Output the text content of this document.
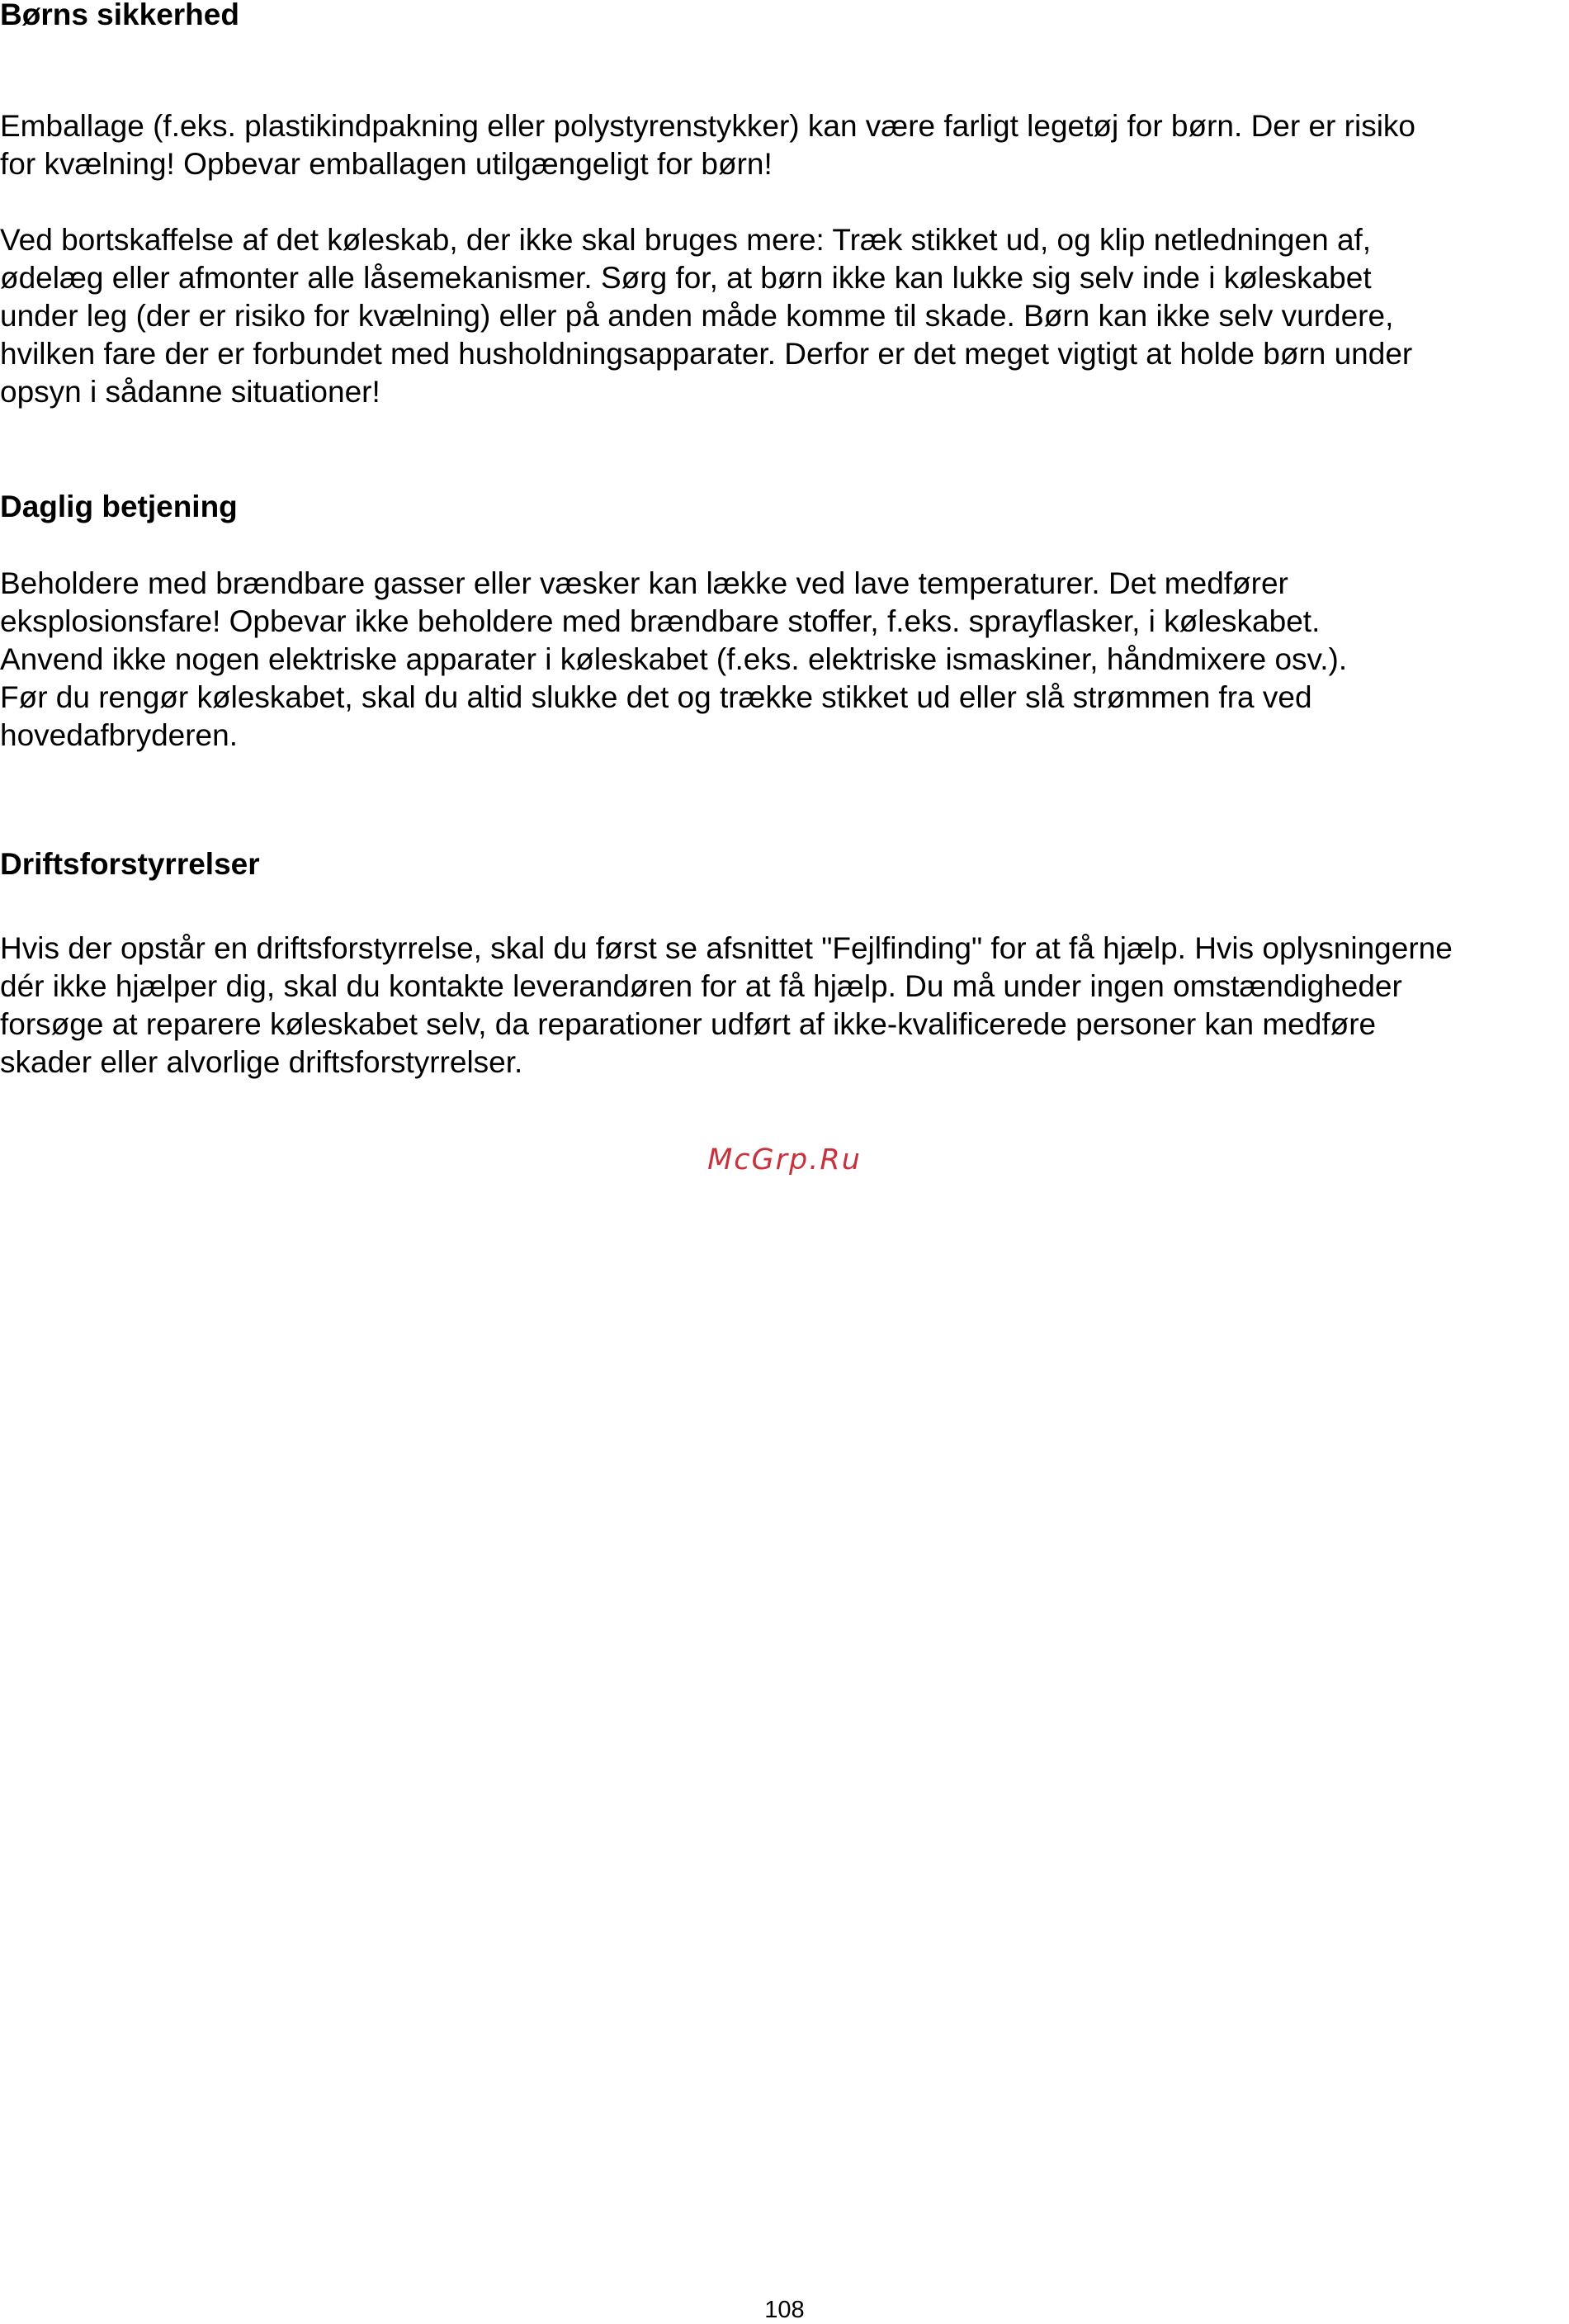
Børns sikkerhed

Emballage (f.eks. plastikindpakning eller polystyrenstykker) kan være farligt legetøj for børn. Der er risiko
for kvælning! Opbevar emballagen utilgængeligt for børn!

Ved bortskaffelse af det køleskab, der ikke skal bruges mere: Træk stikket ud, og klip netledningen af,
ødelæg eller afmonter alle låsemekanismer. Sørg for, at børn ikke kan lukke sig selv inde i køleskabet
under leg (der er risiko for kvælning) eller på anden måde komme til skade. Børn kan ikke selv vurdere,
hvilken fare der er forbundet med husholdningsapparater. Derfor er det meget vigtigt at holde børn under
opsyn i sådanne situationer!

Daglig betjening

Beholdere med brændbare gasser eller væsker kan lække ved lave temperaturer. Det medfører
eksplosionsfare! Opbevar ikke beholdere med brændbare stoffer, f.eks. sprayflasker, i køleskabet.
Anvend ikke nogen elektriske apparater i køleskabet (f.eks. elektriske ismaskiner, håndmixere osv.).
Før du rengør køleskabet, skal du altid slukke det og trække stikket ud eller slå strømmen fra ved
hovedafbryderen.

Driftsforstyrrelser

Hvis der opstår en driftsforstyrrelse, skal du først se afsnittet "Fejlfinding" for at få hjælp. Hvis oplysningerne
dér ikke hjælper dig, skal du kontakte leverandøren for at få hjælp. Du må under ingen omstændigheder
forsøge at reparere køleskabet selv, da reparationer udført af ikke-kvalificerede personer kan medføre
skader eller alvorlige driftsforstyrrelser.

McGrp.Ru
108
